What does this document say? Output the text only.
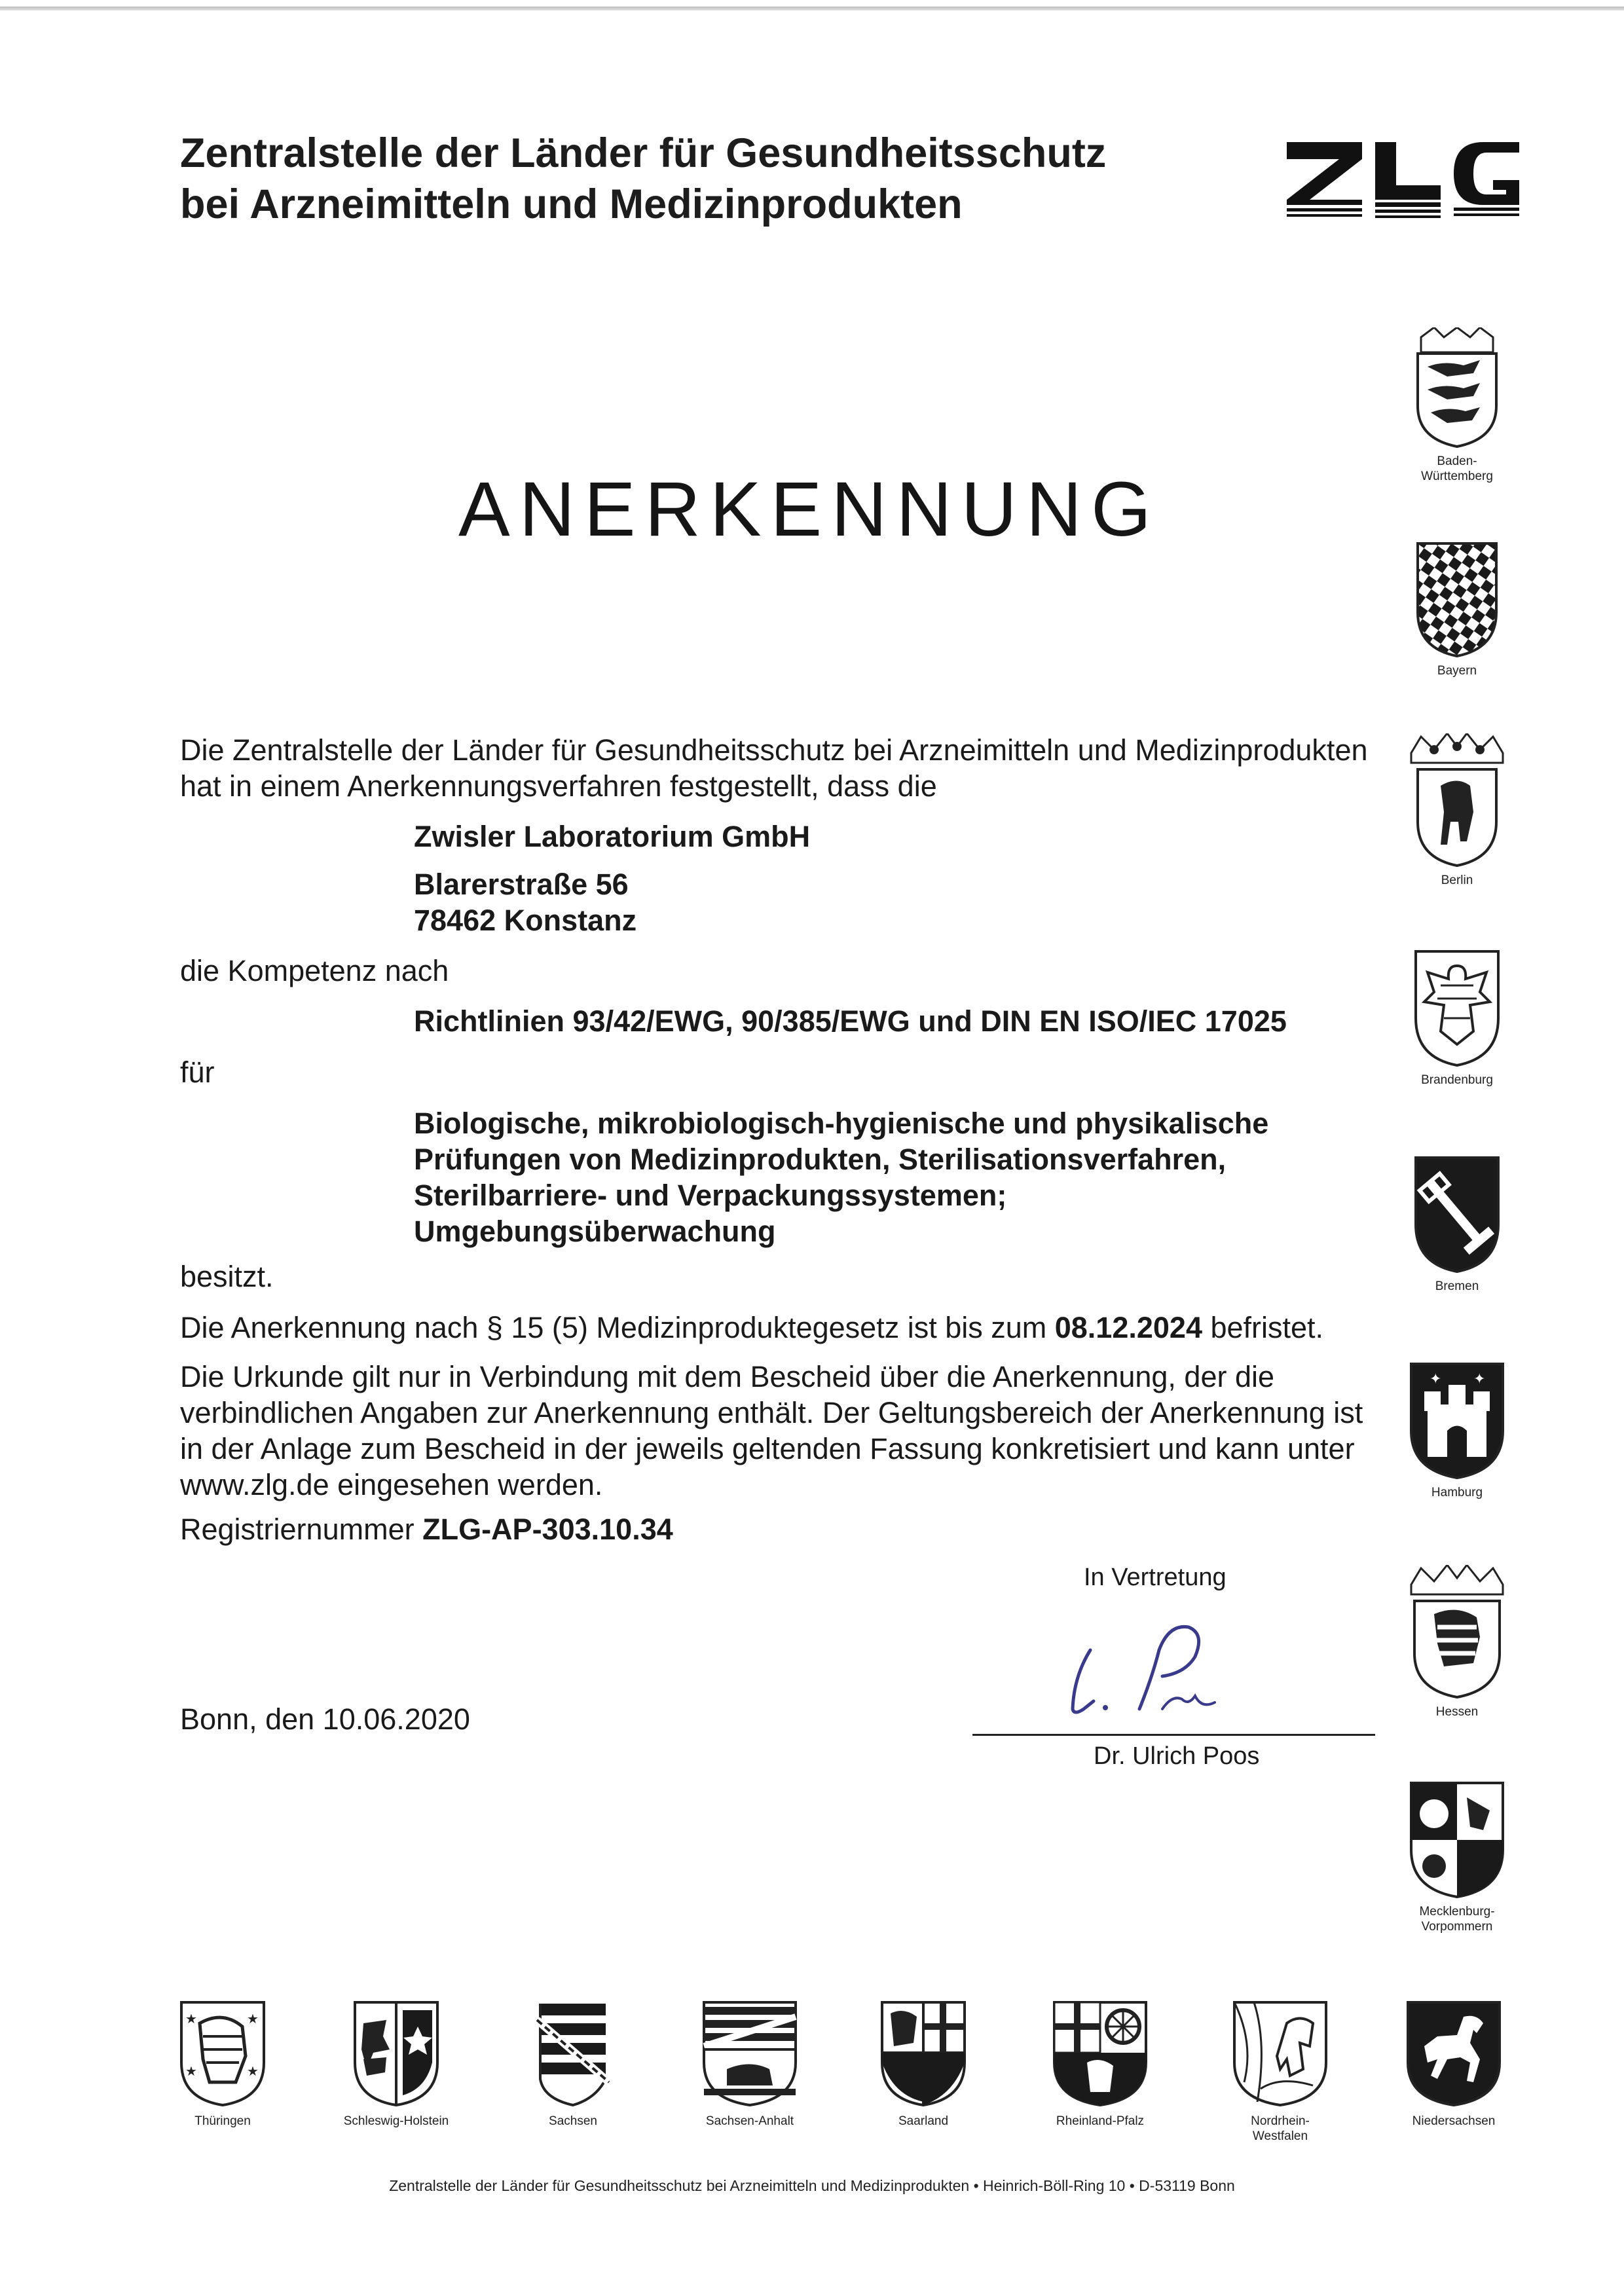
Zentralstelle der Länder für Gesundheitsschutz
bei Arzneimitteln und Medizinprodukten
ZLG
ANERKENNUNG
Die Zentralstelle der Länder für Gesundheitsschutz bei Arzneimitteln und Medizinprodukten
hat in einem Anerkennungsverfahren festgestellt, dass die
Zwisler Laboratorium GmbH
Blarerstraße 56
78462 Konstanz
die Kompetenz nach
Richtlinien 93/42/EWG, 90/385/EWG und DIN EN ISO/IEC 17025
für
Biologische, mikrobiologisch-hygienische und physikalische
Prüfungen von Medizinprodukten, Sterilisationsverfahren,
Sterilbarriere- und Verpackungssystemen;
Umgebungsüberwachung
besitzt.
Die Anerkennung nach § 15 (5) Medizinproduktegesetz ist bis zum 08.12.2024 befristet.
Die Urkunde gilt nur in Verbindung mit dem Bescheid über die Anerkennung, der die
verbindlichen Angaben zur Anerkennung enthält. Der Geltungsbereich der Anerkennung ist
in der Anlage zum Bescheid in der jeweils geltenden Fassung konkretisiert und kann unter
www.zlg.de eingesehen werden.
Registriernummer ZLG-AP-303.10.34
In Vertretung
Dr. Ulrich Poos
Bonn, den 10.06.2020
Baden-
Württemberg
Bayern
Berlin
Brandenburg
Bremen
✦ ✦
Hamburg
Hessen
Mecklenburg-
Vorpommern
★	★
★	★
Thüringen	Schleswig-Holstein	Sachsen	Sachsen-Anhalt	Saarland	Rheinland-Pfalz	Nordrhein-Westfalen
Niedersachsen
Zentralstelle der Länder für Gesundheitsschutz bei Arzneimitteln und Medizinprodukten • Heinrich-Böll-Ring 10 • D-53119 Bonn
